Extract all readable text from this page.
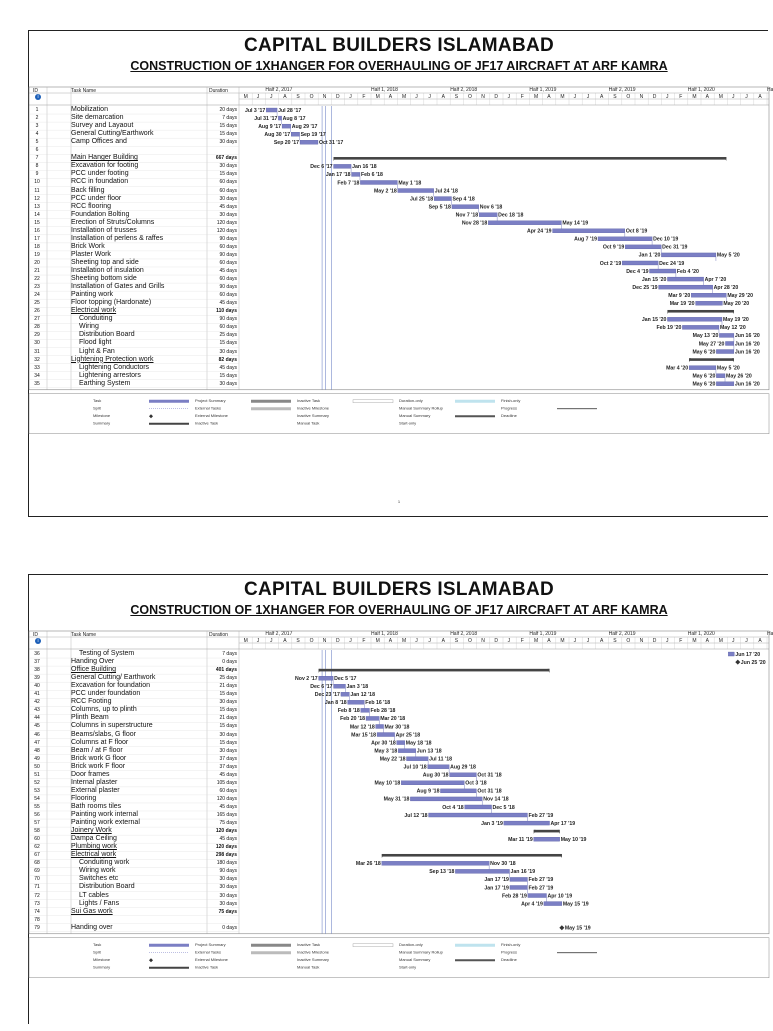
CAPITAL BUILDERS ISLAMABAD
CONSTRUCTION OF 1XHANGER FOR OVERHAULING OF JF17 AIRCRAFT AT ARF KAMRA
ID	Task Name	Duration
i
Half 2, 2017	Half 1, 2018	Half 2, 2018	Half 1, 2019	Half 2, 2019	Half 1, 2020	Ha
M J J A S O N D J F M A M J J A S O N D J F M A M J J A S O N D J F M A M J J A
Jul 3 '17 Jul 28 '17
Jul 31 '17 Aug 8 '17
Aug 9 '17 Aug 29 '17
Aug 30 '17 Sep 19 '17
Sep 20 '17	Oct 31 '17
Dec 6 '17	Jan 16 '18
Jan 17 '18 Feb 6 '18
Feb 7 '18	May 1 '18
May 2 '18	Jul 24 '18
Jul 25 '18	Sep 4 '18
Sep 5 '18	Nov 6 '18
Nov 7 '18	Dec 18 '18
Nov 28 '18	May 14 '19
Apr 24 '19	Oct 8 '19
Aug 7 '19	Dec 10 '19
Oct 9 '19	Dec 31 '19
Jan 1 '20	May 5 '20
Oct 2 '19	Dec 24 '19
Dec 4 '19	Feb 4 '20
Jan 15 '20	Apr 7 '20
Dec 25 '19	Apr 28 '20
Mar 9 '20	May 29 '20
Mar 19 '20	May 20 '20
Jan 15 '20	May 19 '20
Feb 19 '20	May 12 '20
May 13 '20	Jun 16 '20
May 27 '20 Jun 16 '20
May 6 '20	Jun 16 '20
Mar 4 '20	May 5 '20
May 6 '20 May 26 '20
May 6 '20	Jun 16 '20
Task	Project Summary	Inactive Task	Duration-only	Finish-only
Split	External Tasks	Inactive Milestone	Manual Summary Rollup	Progress
Milestone	External Milestone	Inactive Summary	Manual Summary	Deadline
Summary	Inactive Task	Manual Task	Start-only
1	Mobilization	20 days
2	Site demarcation	7 days
3	Survey and Layaout	15 days
4	General Cutting/Earthwork	15 days
5	Camp Offices and	30 days
6
7	Main Hanger Building	667 days
8	Excavation for footing	30 days
9	PCC under footing	15 days
10	RCC in foundation	60 days
11	Back filling	60 days
12	PCC under floor	30 days
13	RCC flooring	45 days
14	Foundation Bolting	30 days
15	Erection of Struts/Columns	120 days
16	Installation of trusses	120 days
17	Installation of perlens & raffes	90 days
18	Brick Work	60 days
19	Plaster Work	90 days
20	Sheeting top and side	60 days
21	Installation of insulation	45 days
22	Sheeting bottom side	60 days
23	Installation of Gates and Grills	90 days
24	Painting work	60 days
25	Floor topping (Hardonate)	45 days
26	Electrical work	110 days
27	Conduiting	90 days
28	Wiring	60 days
29	Distribution Board	25 days
30	Flood light	15 days
31	Light & Fan	30 days
32	Lightening Protection work	82 days
33	Lightening Conductors	45 days
34	Lightening arrestors	15 days
35	Earthing System	30 days
1
CAPITAL BUILDERS ISLAMABAD
CONSTRUCTION OF 1XHANGER FOR OVERHAULING OF JF17 AIRCRAFT AT ARF KAMRA
ID	Task Name	Duration
i
Half 2, 2017	Half 1, 2018	Half 2, 2018	Half 1, 2019	Half 2, 2019	Half 1, 2020	Ha
M J J A S O N D J F M A M J J A S O N D J F M A M J J A S O N D J F M A M J J A
Jun 17 '20
Jun 25 '20
Nov 2 '17	Dec 5 '17
Dec 6 '17	Jan 3 '18
Dec 23 '17 Jan 12 '18
Jan 8 '18	Feb 16 '18
Feb 8 '18 Feb 28 '18
Feb 20 '18	Mar 20 '18
Mar 12 '18 Mar 30 '18
Mar 15 '18	Apr 25 '18
Apr 30 '18 May 18 '18
May 3 '18	Jun 13 '18
May 22 '18	Jul 11 '18
Jul 10 '18	Aug 29 '18
Aug 30 '18	Oct 31 '18
May 10 '18	Oct 3 '18
Aug 9 '18	Oct 31 '18
May 31 '18	Nov 14 '18
Oct 4 '18	Dec 5 '18
Jul 12 '18	Feb 27 '19
Jan 3 '19	Apr 17 '19
Mar 11 '19	May 10 '19
Mar 26 '18	Nov 30 '18
Sep 13 '18	Jan 16 '19
Jan 17 '19	Feb 27 '19
Jan 17 '19	Feb 27 '19
Feb 28 '19	Apr 10 '19
Apr 4 '19	May 15 '19
May 15 '19
Task	Project Summary	Inactive Task	Duration-only	Finish-only
Split	External Tasks	Inactive Milestone	Manual Summary Rollup	Progress
Milestone	External Milestone	Inactive Summary	Manual Summary	Deadline
Summary	Inactive Task	Manual Task	Start-only
36	Testing of System	7 days
37	Handing Over	0 days
38	Office Building	401 days
39	General Cutting/ Earthwork	25 days
40	Excavation for foundation	21 days
41	PCC under foundation	15 days
42	RCC Footing	30 days
43	Columns, up to plinth	15 days
44	Plinth Beam	21 days
45	Columns in superstructure	15 days
46	Beams/slabs, G floor	30 days
47	Columns at F floor	15 days
48	Beam / at F floor	30 days
49	Brick work G floor	37 days
50	Brick work F floor	37 days
51	Door frames	45 days
52	Internal plaster	105 days
53	External plaster	60 days
54	Flooring	120 days
55	Bath rooms tiles	45 days
56	Painting work internal	165 days
57	Painting work external	75 days
58	Joinery Work	120 days
60	Dampa Ceiling	45 days
62	Plumbing work	120 days
67	Electrical work	298 days
68	Conduiting work	180 days
69	Wiring work	90 days
70	Switches etc	30 days
71	Distribution Board	30 days
72	LT cables	30 days
73	Lights / Fans	30 days
74	Sui Gas work	75 days
78
79	Handing over	0 days
